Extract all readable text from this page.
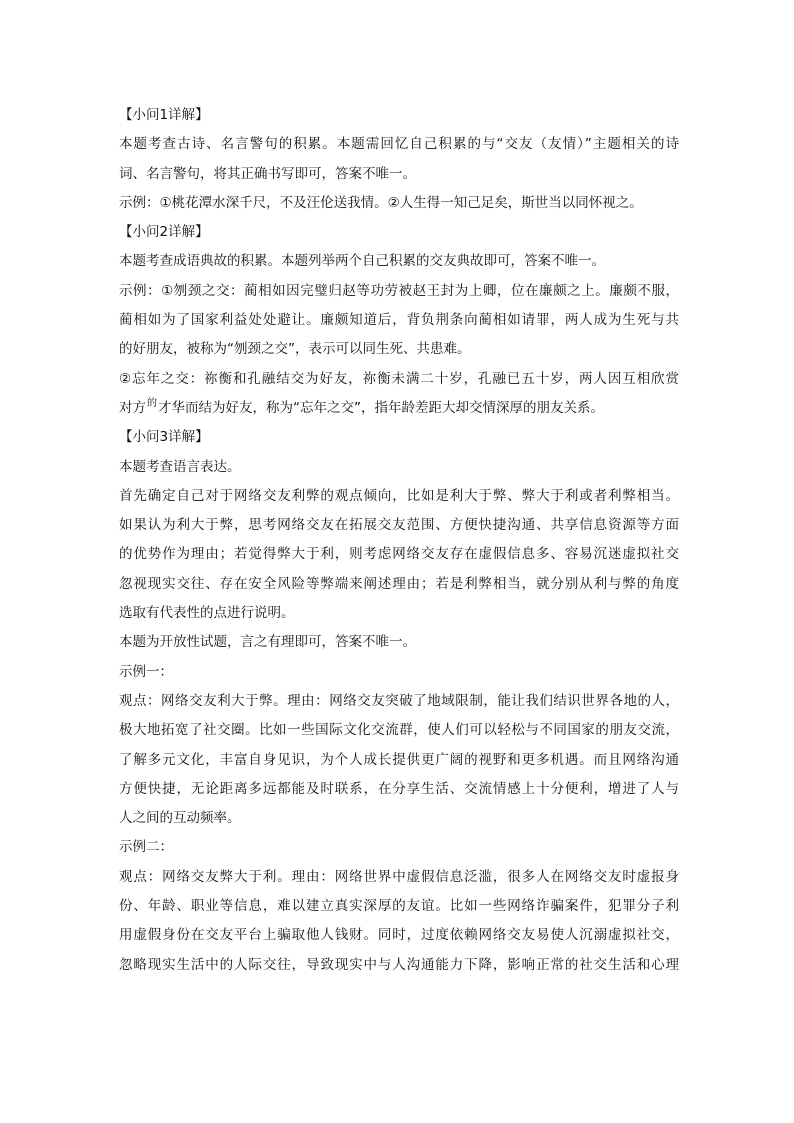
【小问1详解】
本题考查古诗、名言警句的积累。本题需回忆自己积累的与“交友（友情）”主题相关的诗
词、名言警句，将其正确书写即可，答案不唯一。
示例：①桃花潭水深千尺，不及汪伦送我情。②人生得一知己足矣，斯世当以同怀视之。
【小问2详解】
本题考查成语典故的积累。本题列举两个自己积累的交友典故即可，答案不唯一。
示例：①刎颈之交：蔺相如因完璧归赵等功劳被赵王封为上卿，位在廉颇之上。廉颇不服，
蔺相如为了国家利益处处避让。廉颇知道后，背负荆条向蔺相如请罪，两人成为生死与共
的好朋友，被称为“刎颈之交”，表示可以同生死、共患难。
②忘年之交：祢衡和孔融结交为好友，祢衡未满二十岁，孔融已五十岁，两人因互相欣赏
对方$^的$才华而结为好友，称为“忘年之交”，指年龄差距大却交情深厚的朋友关系。
【小问3详解】
本题考查语言表达。
首先确定自己对于网络交友利弊的观点倾向，比如是利大于弊、弊大于利或者利弊相当。
如果认为利大于弊，思考网络交友在拓展交友范围、方便快捷沟通、共享信息资源等方面
的优势作为理由；若觉得弊大于利，则考虑网络交友存在虚假信息多、容易沉迷虚拟社交
忽视现实交往、存在安全风险等弊端来阐述理由；若是利弊相当，就分别从利与弊的角度
选取有代表性的点进行说明。
本题为开放性试题，言之有理即可，答案不唯一。
示例一：
观点：网络交友利大于弊。理由：网络交友突破了地域限制，能让我们结识世界各地的人，
极大地拓宽了社交圈。比如一些国际文化交流群，使人们可以轻松与不同国家的朋友交流，
了解多元文化，丰富自身见识，为个人成长提供更广阔的视野和更多机遇。而且网络沟通
方便快捷，无论距离多远都能及时联系，在分享生活、交流情感上十分便利，增进了人与
人之间的互动频率。
示例二：
观点：网络交友弊大于利。理由：网络世界中虚假信息泛滥，很多人在网络交友时虚报身
份、年龄、职业等信息，难以建立真实深厚的友谊。比如一些网络诈骗案件，犯罪分子利
用虚假身份在交友平台上骗取他人钱财。同时，过度依赖网络交友易使人沉溺虚拟社交，
忽略现实生活中的人际交往，导致现实中与人沟通能力下降，影响正常的社交生活和心理
